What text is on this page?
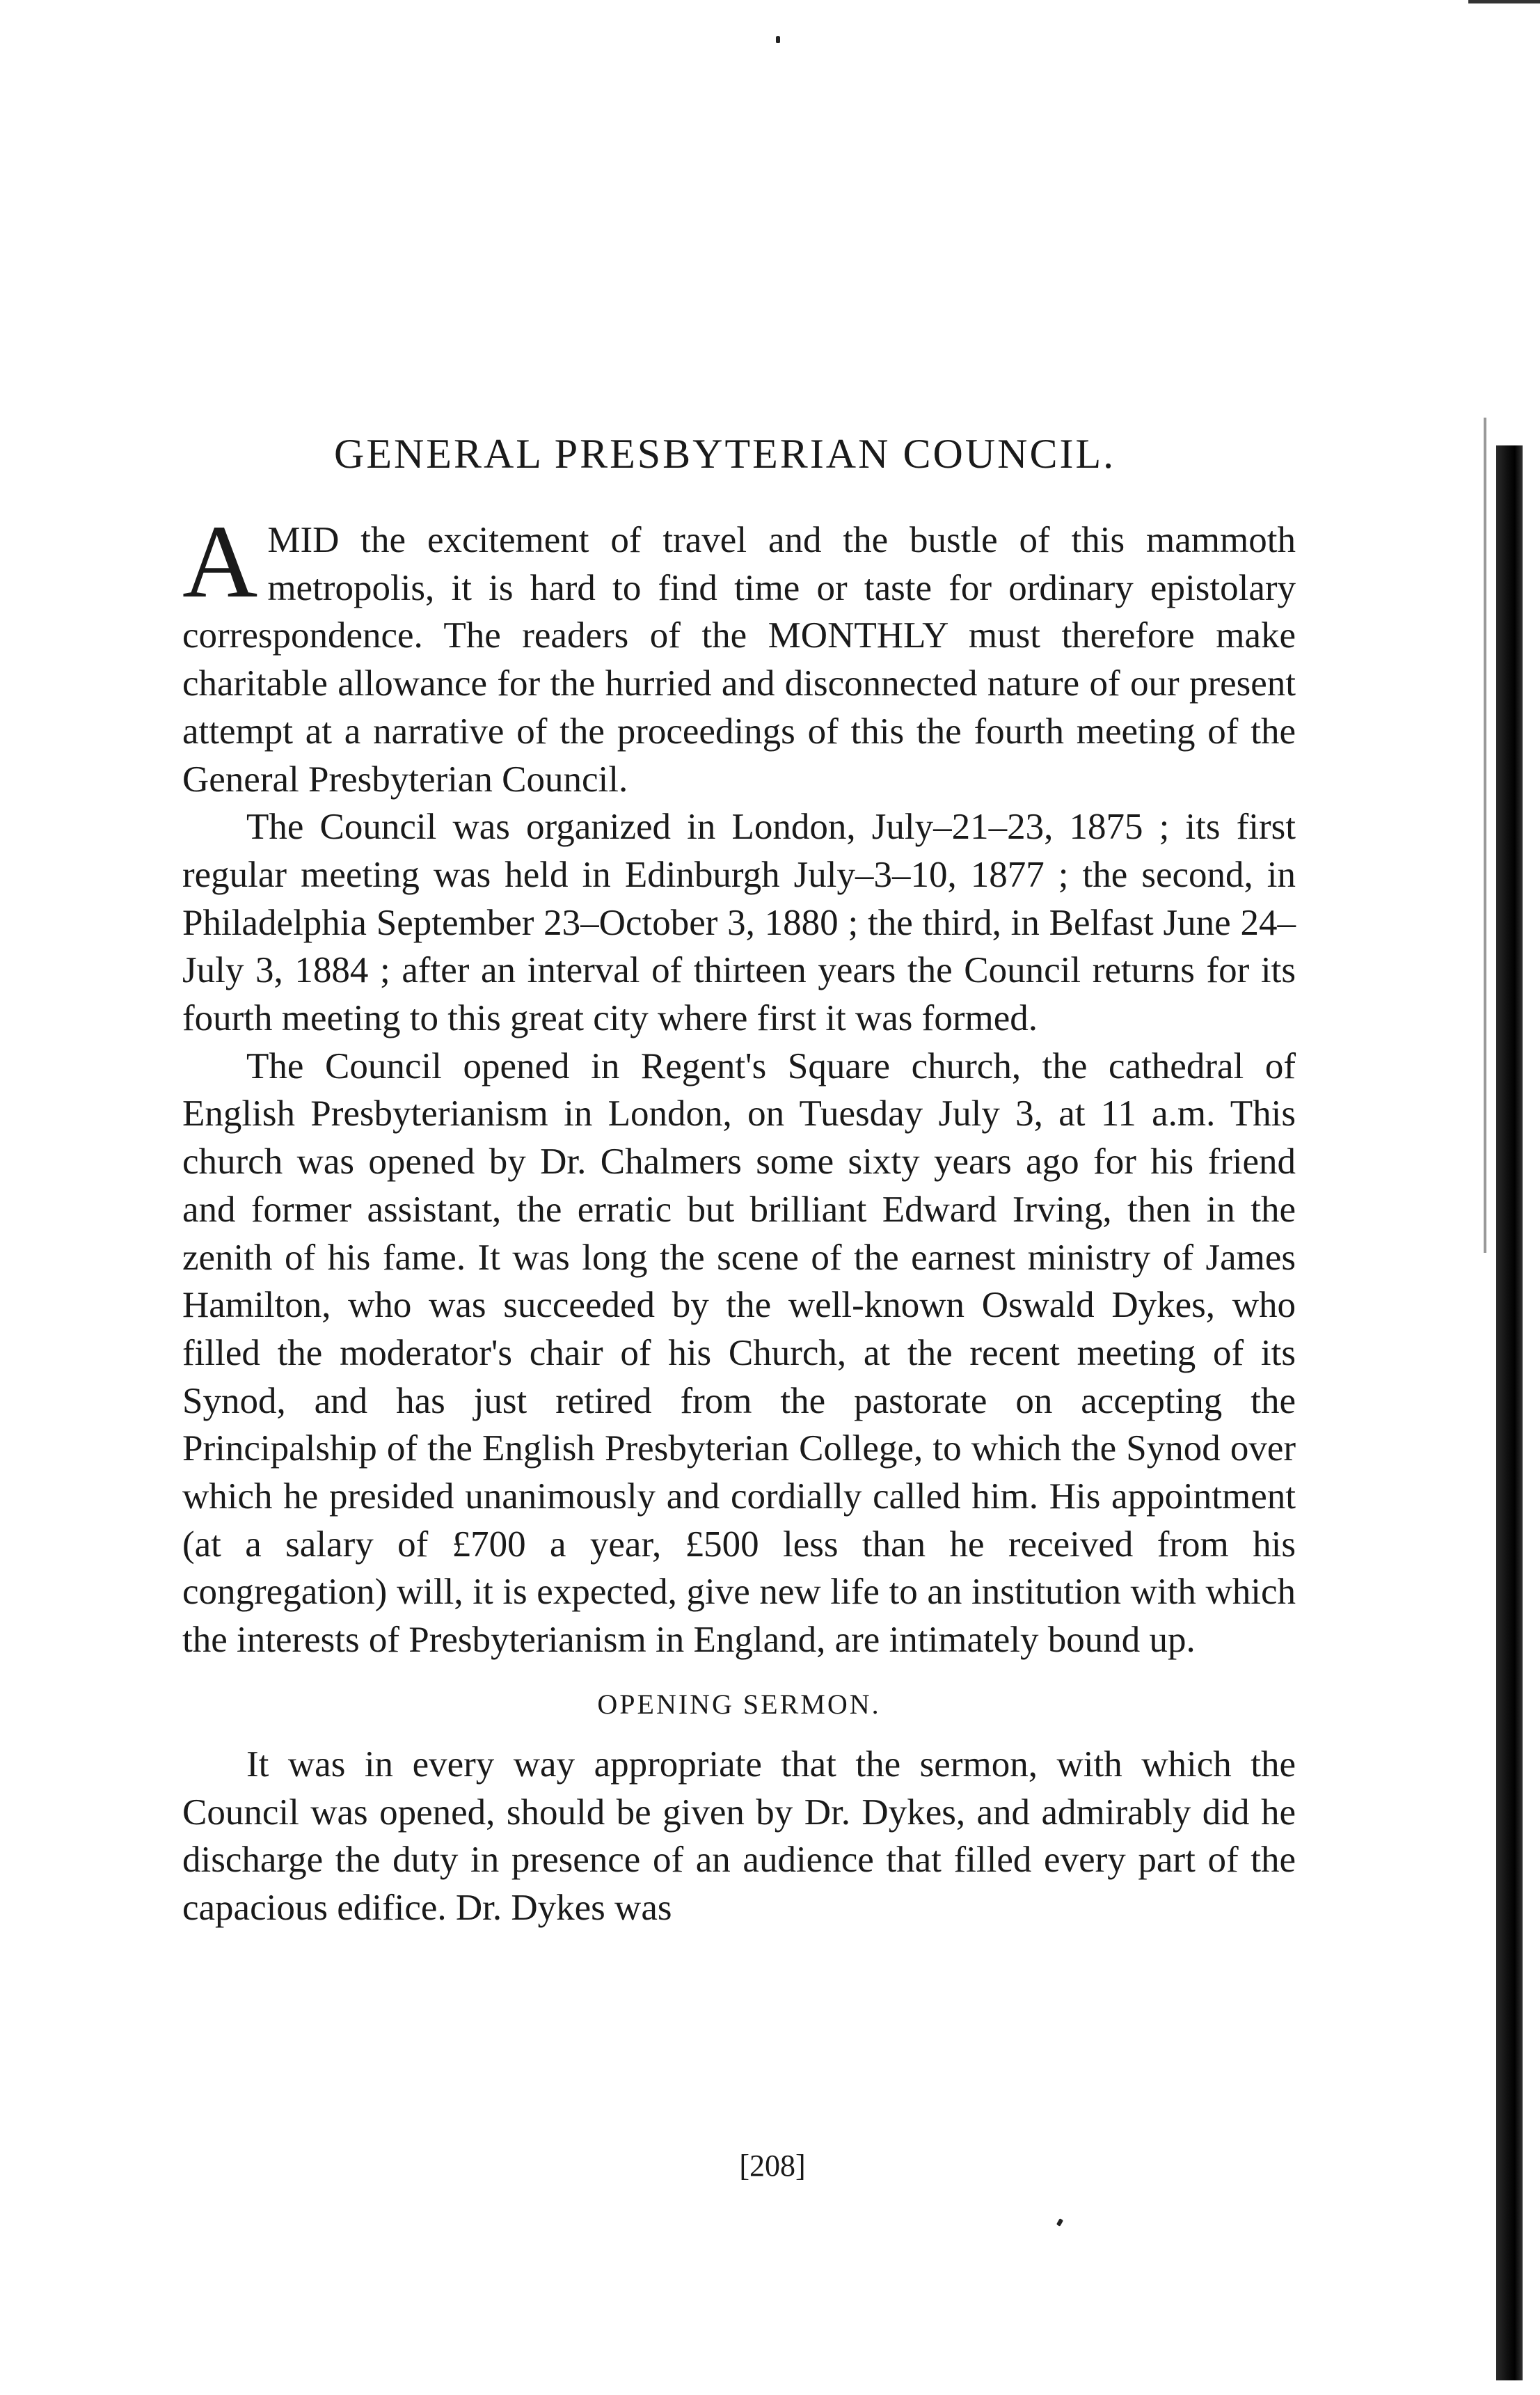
GENERAL PRESBYTERIAN COUNCIL.

AMID the excitement of travel and the bustle of this mammoth metropolis, it is hard to find time or taste for ordinary epistolary correspondence. The readers of the MONTHLY must therefore make charitable allowance for the hurried and disconnected nature of our present attempt at a narrative of the proceedings of this the fourth meeting of the General Presbyterian Council.

The Council was organized in London, July–21–23, 1875 ; its first regular meeting was held in Edinburgh July–3–10, 1877 ; the second, in Philadelphia September 23–October 3, 1880 ; the third, in Belfast June 24–July 3, 1884 ; after an interval of thirteen years the Council returns for its fourth meeting to this great city where first it was formed.

The Council opened in Regent's Square church, the cathedral of English Presbyterianism in London, on Tuesday July 3, at 11 a.m. This church was opened by Dr. Chalmers some sixty years ago for his friend and former assistant, the erratic but brilliant Edward Irving, then in the zenith of his fame. It was long the scene of the earnest ministry of James Hamilton, who was succeeded by the well-known Oswald Dykes, who filled the moderator's chair of his Church, at the recent meeting of its Synod, and has just retired from the pastorate on accepting the Principalship of the English Presbyterian College, to which the Synod over which he presided unanimously and cordially called him. His appointment (at a salary of £700 a year, £500 less than he received from his congregation) will, it is expected, give new life to an institution with which the interests of Presbyterianism in England, are intimately bound up.

OPENING SERMON.

It was in every way appropriate that the sermon, with which the Council was opened, should be given by Dr. Dykes, and admirably did he discharge the duty in presence of an audience that filled every part of the capacious edifice. Dr. Dykes was

[208]
